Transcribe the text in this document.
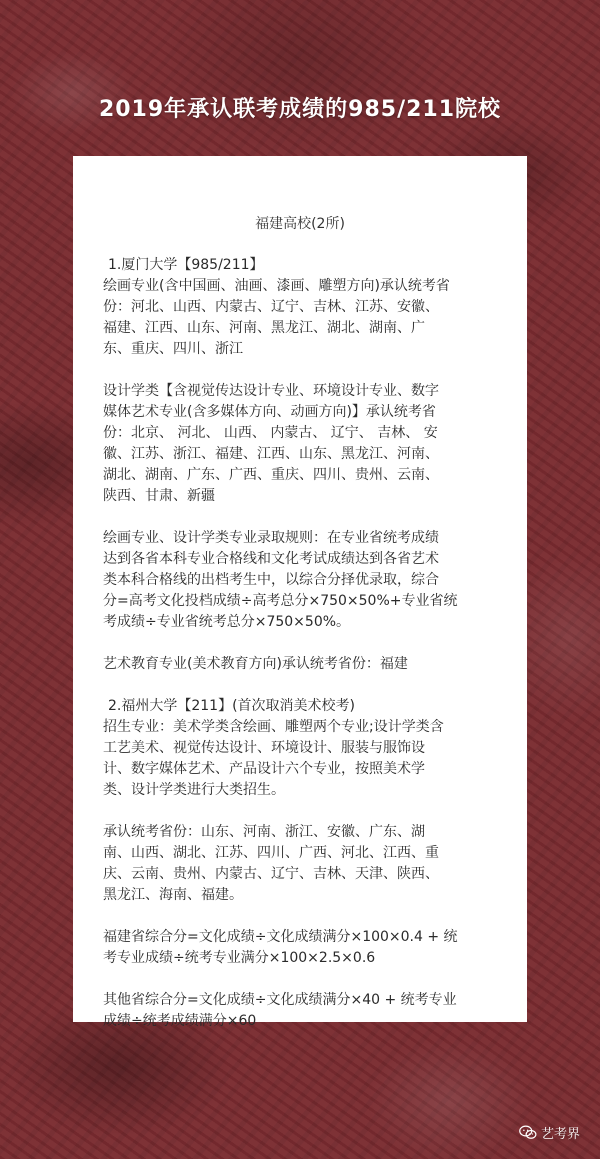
2019年承认联考成绩的985/211院校
福建高校(2所)
1.厦门大学【985/211】
绘画专业(含中国画、油画、漆画、雕塑方向)承认统考省
份：河北、山西、内蒙古、辽宁、吉林、江苏、安徽、
福建、江西、山东、河南、黑龙江、湖北、湖南、广
东、重庆、四川、浙江
设计学类【含视觉传达设计专业、环境设计专业、数字
媒体艺术专业(含多媒体方向、动画方向)】承认统考省
份：北京、 河北、 山西、 内蒙古、 辽宁、 吉林、 安
徽、江苏、浙江、福建、江西、山东、黑龙江、河南、
湖北、湖南、广东、广西、重庆、四川、贵州、云南、
陕西、甘肃、新疆
绘画专业、设计学类专业录取规则：在专业省统考成绩
达到各省本科专业合格线和文化考试成绩达到各省艺术
类本科合格线的出档考生中，以综合分择优录取，综合
分=高考文化投档成绩÷高考总分×750×50%+专业省统
考成绩÷专业省统考总分×750×50%。
艺术教育专业(美术教育方向)承认统考省份：福建
2.福州大学【211】(首次取消美术校考)
招生专业：美术学类含绘画、雕塑两个专业;设计学类含
工艺美术、视觉传达设计、环境设计、服装与服饰设
计、数字媒体艺术、产品设计六个专业，按照美术学
类、设计学类进行大类招生。
承认统考省份：山东、河南、浙江、安徽、广东、湖
南、山西、湖北、江苏、四川、广西、河北、江西、重
庆、云南、贵州、内蒙古、辽宁、吉林、天津、陕西、
黑龙江、海南、福建。
福建省综合分=文化成绩÷文化成绩满分×100×0.4 + 统
考专业成绩÷统考专业满分×100×2.5×0.6
其他省综合分=文化成绩÷文化成绩满分×40 + 统考专业
成绩÷统考成绩满分×60
艺考界
